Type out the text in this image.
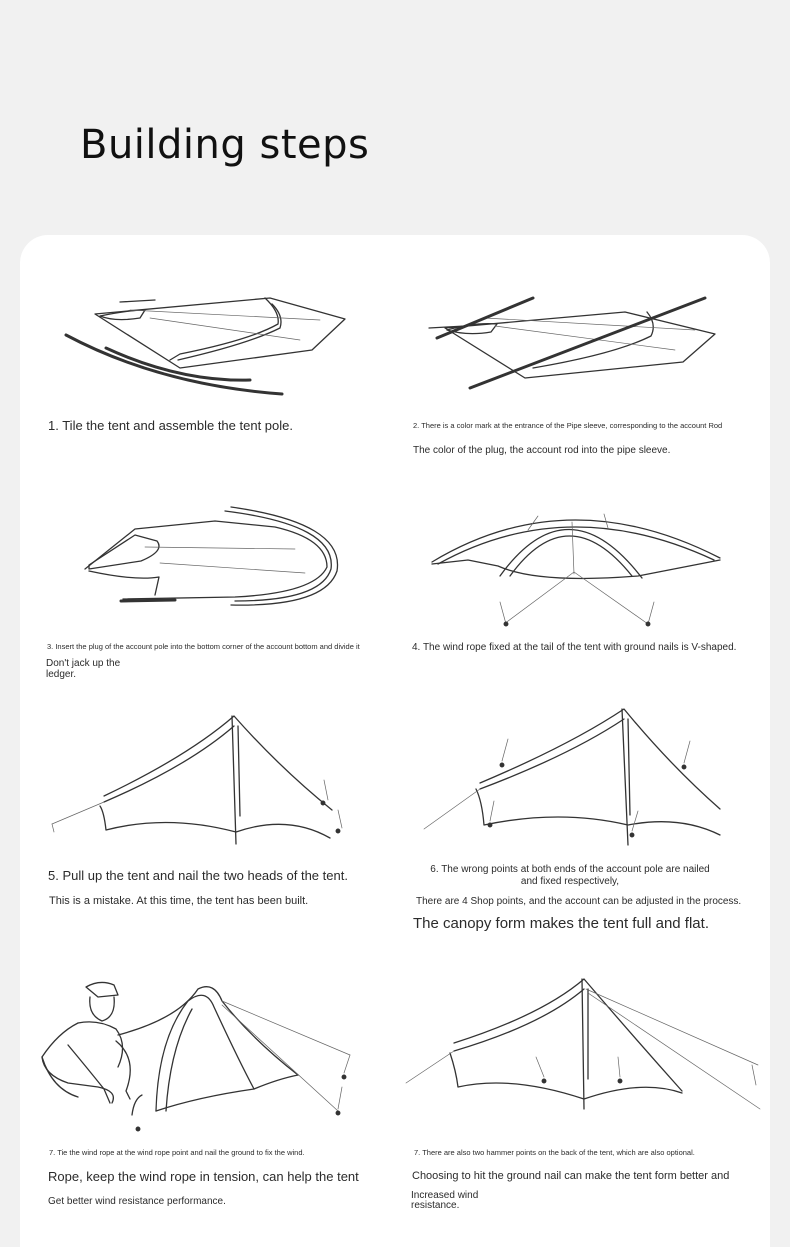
Building steps

1. Tile the tent and assemble the tent pole.	2. There is a color mark at the entrance of the Pipe sleeve, corresponding to the account Rod

The color of the plug, the account rod into the pipe sleeve.

3. Insert the plug of the account pole into the bottom corner of the account bottom and divide it

Don't jack up the

ledger.

4. The wind rope fixed at the tail of the tent with ground nails is V-shaped.

5. Pull up the tent and nail the two heads of the tent.

This is a mistake. At this time, the tent has been built.

6. The wrong points at both ends of the account pole are nailed

and fixed respectively,

There are 4 Shop points, and the account can be adjusted in the process.

The canopy form makes the tent full and flat.

7. Tie the wind rope at the wind rope point and nail the ground to fix the wind.

Rope, keep the wind rope in tension, can help the tent

Get better wind resistance performance.

7. There are also two hammer points on the back of the tent, which are also optional.

Choosing to hit the ground nail can make the tent form better and

Increased wind

resistance.
